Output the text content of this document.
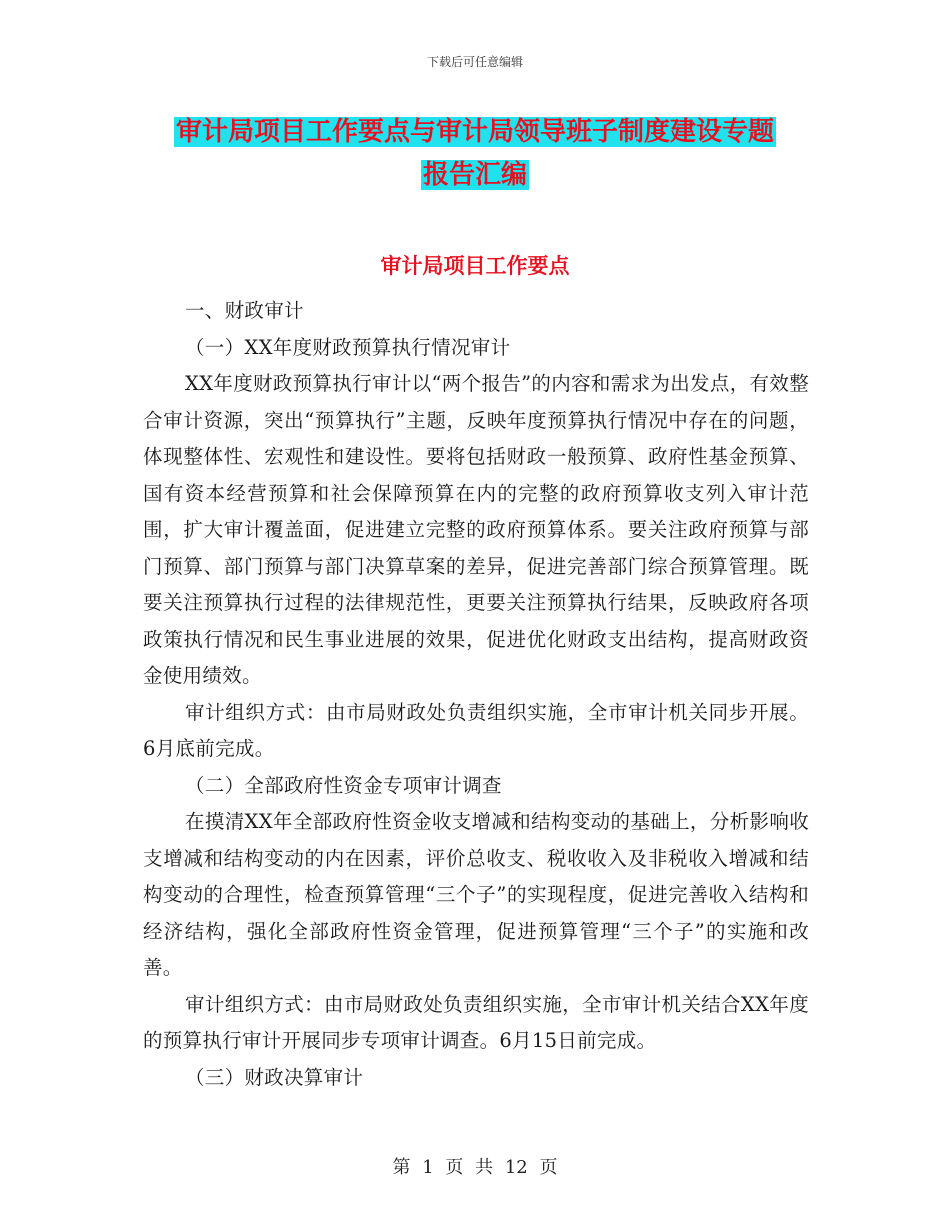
下载后可任意编辑
审计局项目工作要点与审计局领导班子制度建设专题
报告汇编
审计局项目工作要点

一、财政审计

（一）XX年度财政预算执行情况审计

XX年度财政预算执行审计以“两个报告”的内容和需求为出发点，有效整合审计资源，突出“预算执行”主题，反映年度预算执行情况中存在的问题，体现整体性、宏观性和建设性。要将包括财政一般预算、政府性基金预算、国有资本经营预算和社会保障预算在内的完整的政府预算收支列入审计范围，扩大审计覆盖面，促进建立完整的政府预算体系。要关注政府预算与部门预算、部门预算与部门决算草案的差异，促进完善部门综合预算管理。既要关注预算执行过程的法律规范性，更要关注预算执行结果，反映政府各项政策执行情况和民生事业进展的效果，促进优化财政支出结构，提高财政资金使用绩效。

审计组织方式：由市局财政处负责组织实施，全市审计机关同步开展。6月底前完成。

（二）全部政府性资金专项审计调查

在摸清XX年全部政府性资金收支增减和结构变动的基础上，分析影响收支增减和结构变动的内在因素，评价总收支、税收收入及非税收入增减和结构变动的合理性，检查预算管理“三个子”的实现程度，促进完善收入结构和经济结构，强化全部政府性资金管理，促进预算管理“三个子”的实施和改善。

审计组织方式：由市局财政处负责组织实施，全市审计机关结合XX年度的预算执行审计开展同步专项审计调查。6月15日前完成。

（三）财政决算审计

第 1 页 共 12 页
